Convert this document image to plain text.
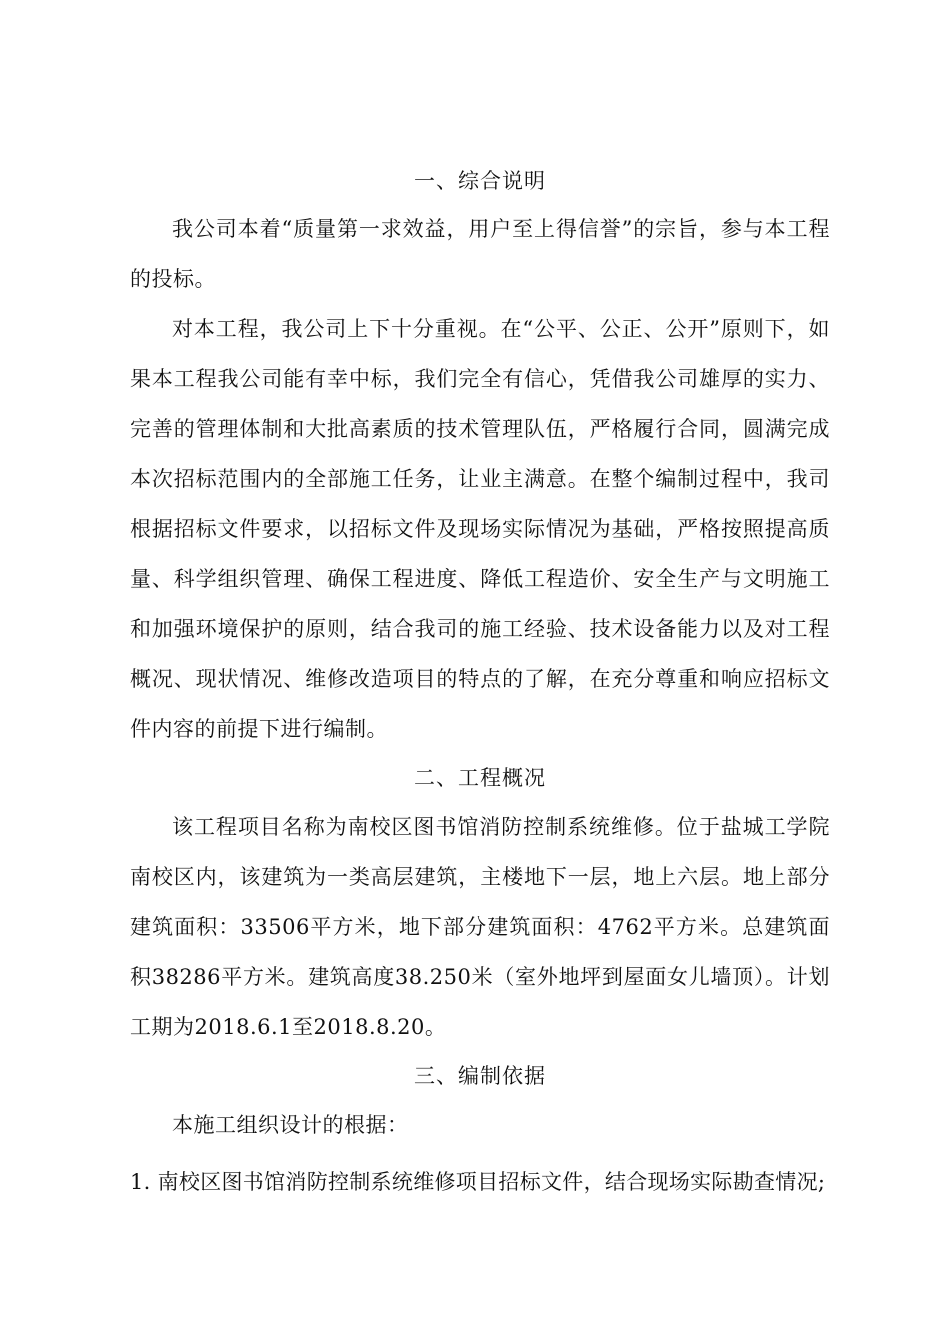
一、综合说明

我公司本着“质量第一求效益，用户至上得信誉”的宗旨，参与本工程的投标。

对本工程，我公司上下十分重视。在“公平、公正、公开”原则下，如果本工程我公司能有幸中标，我们完全有信心，凭借我公司雄厚的实力、完善的管理体制和大批高素质的技术管理队伍，严格履行合同，圆满完成本次招标范围内的全部施工任务，让业主满意。在整个编制过程中，我司根据招标文件要求，以招标文件及现场实际情况为基础，严格按照提高质量、科学组织管理、确保工程进度、降低工程造价、安全生产与文明施工和加强环境保护的原则，结合我司的施工经验、技术设备能力以及对工程概况、现状情况、维修改造项目的特点的了解，在充分尊重和响应招标文件内容的前提下进行编制。

二、工程概况

该工程项目名称为南校区图书馆消防控制系统维修。位于盐城工学院南校区内，该建筑为一类高层建筑，主楼地下一层，地上六层。地上部分建筑面积：33506平方米，地下部分建筑面积：4762平方米。总建筑面积38286平方米。建筑高度38.250米（室外地坪到屋面女儿墙顶）。计划工期为2018.6.1至2018.8.20。

三、编制依据

本施工组织设计的根据：

1. 南校区图书馆消防控制系统维修项目招标文件，结合现场实际勘查情况;
